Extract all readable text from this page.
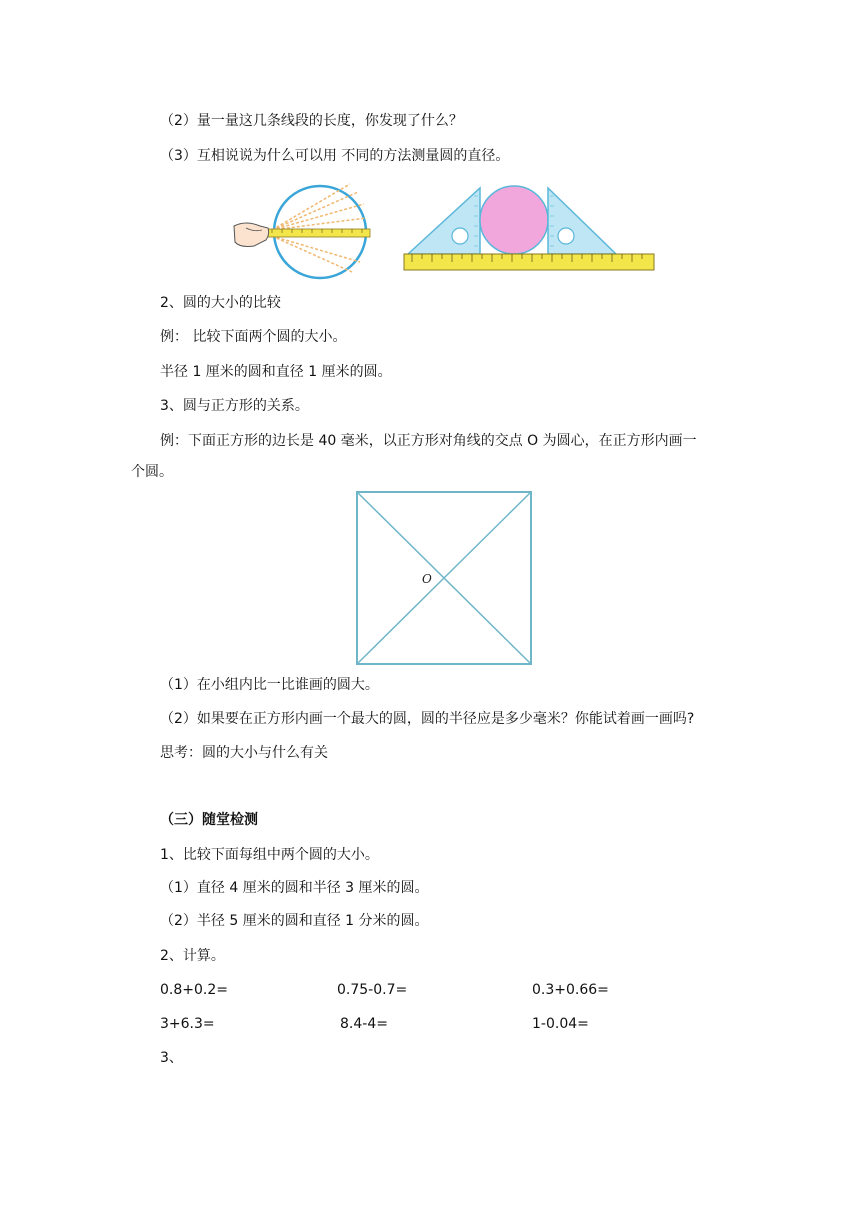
（2）量一量这几条线段的长度，你发现了什么？
（3）互相说说为什么可以用 不同的方法测量圆的直径。
2、圆的大小的比较
例： 比较下面两个圆的大小。
半径 1 厘米的圆和直径 1 厘米的圆。
3、圆与正方形的关系。
例：下面正方形的边长是 40 毫米，以正方形对角线的交点 O 为圆心，在正方形内画一
个圆。
O
（1）在小组内比一比谁画的圆大。
（2）如果要在正方形内画一个最大的圆，圆的半径应是多少毫米？你能试着画一画吗?
思考：圆的大小与什么有关
（三）随堂检测
1、比较下面每组中两个圆的大小。
（1）直径 4 厘米的圆和半径 3 厘米的圆。
（2）半径 5 厘米的圆和直径 1 分米的圆。
2、计算。
0.8+0.2=	0.75-0.7=	0.3+0.66=
3+6.3=	8.4-4=	1-0.04=
3、
